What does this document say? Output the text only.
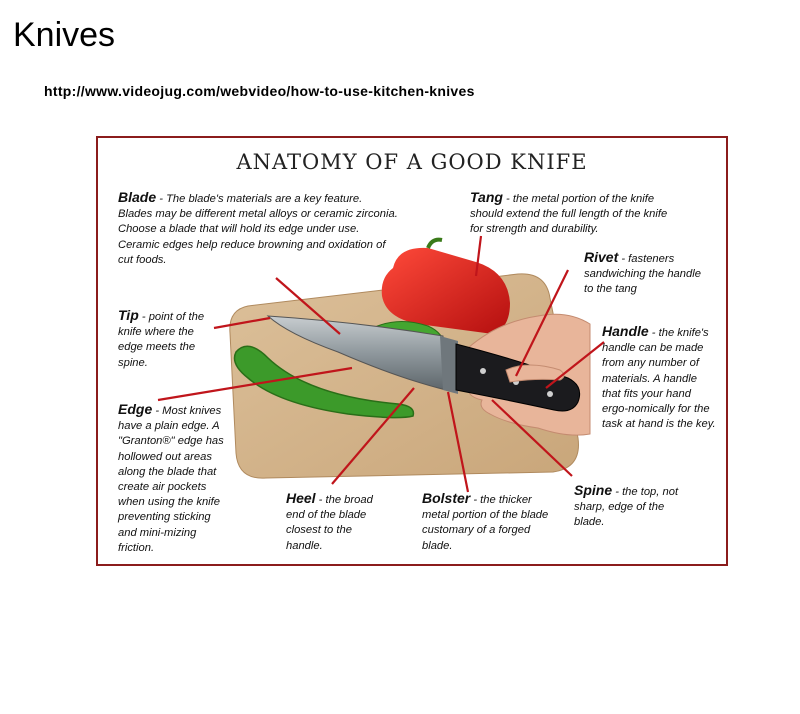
Knives
http://www.videojug.com/webvideo/how-to-use-kitchen-knives
ANATOMY OF A GOOD KNIFE
Blade - The blade's materials are a key feature. Blades may be different metal alloys or ceramic zirconia. Choose a blade that will hold its edge under use. Ceramic edges help reduce browning and oxidation of cut foods.
Tang - the metal portion of the knife should extend the full length of the knife for strength and durability.
Rivet - fasteners sandwiching the handle to the tang
Tip - point of the knife where the edge meets the spine.
Handle - the knife's handle can be made from any number of materials. A handle that fits your hand ergo-nomically for the task at hand is the key.
Edge - Most knives have a plain edge. A "Granton®" edge has hollowed out areas along the blade that create air pockets when using the knife preventing sticking and mini-mizing friction.
Heel - the broad end of the blade closest to the handle.
Bolster - the thicker metal portion of the blade customary of a forged blade.
Spine - the top, not sharp, edge of the blade.
